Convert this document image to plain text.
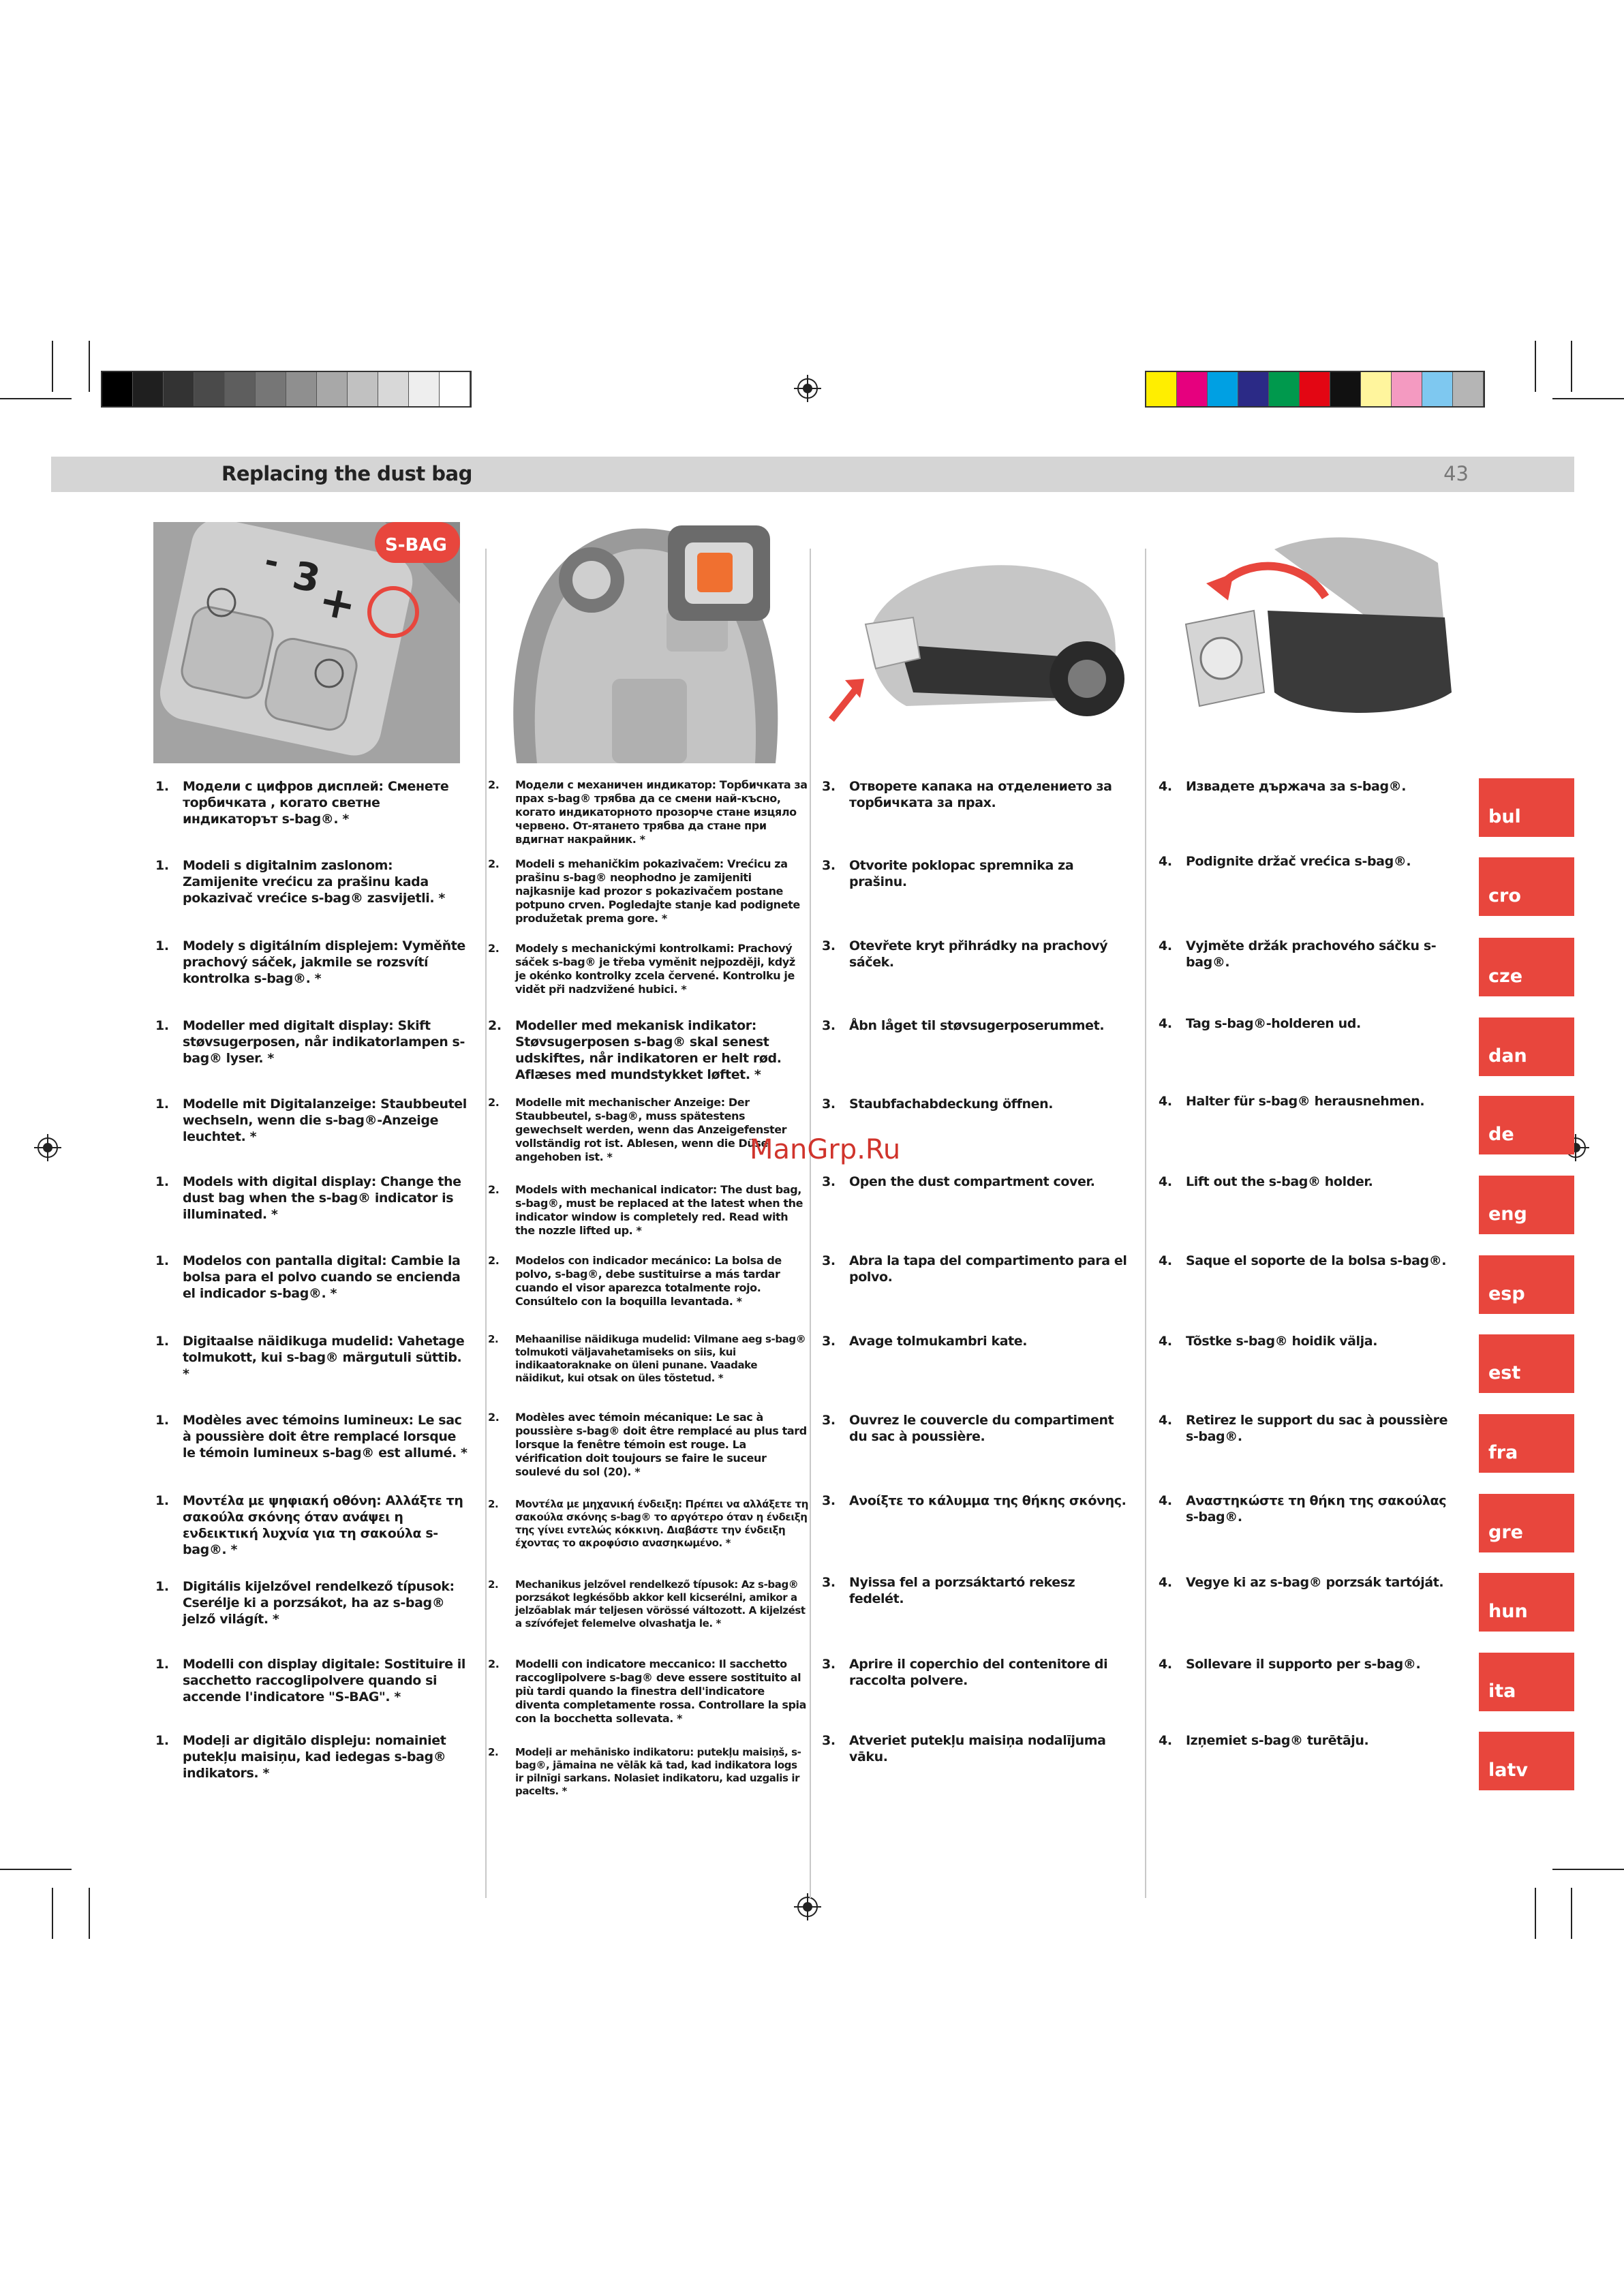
Replacing the dust bag	43
- 3
+
S-BAG
1.	Модели с цифров дисплей: Сменете торбичката , когато светне индикаторът s-bag®. *
1.	Modeli s digitalnim zaslonom: Zamijenite vrećicu za prašinu kada pokazivač vrećice s-bag® zasvijetli. *
1.	Modely s digitálním displejem: Vyměňte prachový sáček, jakmile se rozsvítí kontrolka s-bag®. *
1.	Modeller med digitalt display: Skift støvsugerposen, når indikatorlampen s-bag® lyser. *
1.	Modelle mit Digitalanzeige: Staubbeutel wechseln, wenn die s-bag®-Anzeige leuchtet. *
1.	Models with digital display: Change the dust bag when the s-bag® indicator is illuminated. *
1.	Modelos con pantalla digital: Cambie la bolsa para el polvo cuando se encienda el indicador s-bag®. *
1.	Digitaalse näidikuga mudelid: Vahetage tolmukott, kui s-bag® märgutuli süttib. *
1.	Modèles avec témoins lumineux: Le sac à poussière doit être remplacé lorsque le témoin lumineux s-bag® est allumé. *
1.	Μοντέλα με ψηφιακή οθόνη: Αλλάξτε τη σακούλα σκόνης όταν ανάψει η ενδεικτική λυχνία για τη σακούλα s-bag®. *
1.	Digitális kijelzővel rendelkező típusok: Cserélje ki a porzsákot, ha az s-bag® jelző világít. *
1.	Modelli con display digitale: Sostituire il sacchetto raccoglipolvere quando si accende l'indicatore "S-BAG". *
1.	Modeļi ar digitālo displeju: nomainiet putekļu maisiņu, kad iedegas s-bag® indikators. *
2.	Модели с механичен индикатор: Торбичката за прах s-bag® трябва да се смени най-късно, когато индикаторното прозорче стане изцяло червено. От-ятането трябва да стане при вдигнат накрайник. *
2.	Modeli s mehaničkim pokazivačem: Vrećicu za prašinu s-bag® neophodno je zamijeniti najkasnije kad prozor s pokazivačem postane potpuno crven. Pogledajte stanje kad podignete produžetak prema gore. *
2.	Modely s mechanickými kontrolkami: Prachový sáček s-bag® je třeba vyměnit nejpozději, když je okénko kontrolky zcela červené. Kontrolku je vidět při nadzvižené hubici. *
2.	Modeller med mekanisk indikator: Støvsugerposen s-bag® skal senest udskiftes, når indikatoren er helt rød. Aflæses med mundstykket løftet. *
2.	Modelle mit mechanischer Anzeige: Der Staubbeutel, s-bag®, muss spätestens gewechselt werden, wenn das Anzeigefenster vollständig rot ist. Ablesen, wenn die Düse angehoben ist. *
2.	Models with mechanical indicator: The dust bag, s-bag®, must be replaced at the latest when the indicator window is completely red. Read with the nozzle lifted up. *
2.	Modelos con indicador mecánico: La bolsa de polvo, s-bag®, debe sustituirse a más tardar cuando el visor aparezca totalmente rojo. Consúltelo con la boquilla levantada. *
2.	Mehaanilise näidikuga mudelid: Vilmane aeg s-bag® tolmukoti väljavahetamiseks on siis, kui indikaatoraknake on üleni punane. Vaadake näidikut, kui otsak on üles tõstetud. *
2.	Modèles avec témoin mécanique: Le sac à poussière s-bag® doit être remplacé au plus tard lorsque la fenêtre témoin est rouge. La vérification doit toujours se faire le suceur soulevé du sol (20). *
2.	Μοντέλα με μηχανική ένδειξη: Πρέπει να αλλάξετε τη σακούλα σκόνης s-bag® το αργότερο όταν η ένδειξη της γίνει εντελώς κόκκινη. Διαβάστε την ένδειξη έχοντας το ακροφύσιο ανασηκωμένο. *
2.	Mechanikus jelzővel rendelkező típusok: Az s-bag® porzsákot legkésőbb akkor kell kicserélni, amikor a jelzőablak már teljesen vörössé változott. A kijelzést a szívófejet felemelve olvashatja le. *
2.	Modelli con indicatore meccanico: Il sacchetto raccoglipolvere s-bag® deve essere sostituito al più tardi quando la finestra dell'indicatore diventa completamente rossa. Controllare la spia con la bocchetta sollevata. *
2.	Modeļi ar mehānisko indikatoru: putekļu maisiņš, s-bag®, jāmaina ne vēlāk kā tad, kad indikatora logs ir pilnīgi sarkans. Nolasiet indikatoru, kad uzgalis ir pacelts. *
3.	Отворете капака на отделението за торбичката за прах.
3.	Otvorite poklopac spremnika za prašinu.
3.	Otevřete kryt přihrádky na prachový sáček.
3.	Åbn låget til støvsugerposerummet.
3.	Staubfachabdeckung öffnen.
3.	Open the dust compartment cover.
3.	Abra la tapa del compartimento para el polvo.
3.	Avage tolmukambri kate.
3.	Ouvrez le couvercle du compartiment du sac à poussière.
3.	Ανοίξτε το κάλυμμα της θήκης σκόνης.
3.	Nyissa fel a porzsáktartó rekesz fedelét.
3.	Aprire il coperchio del contenitore di raccolta polvere.
3.	Atveriet putekļu maisiņa nodalījuma vāku.
4.	Извадете държача за s-bag®.
4.	Podignite držač vrećica s-bag®.
4.	Vyjměte držák prachového sáčku s-bag®.
4.	Tag s-bag®-holderen ud.
4.	Halter für s-bag® herausnehmen.
4.	Lift out the s-bag® holder.
4.	Saque el soporte de la bolsa s-bag®.
4.	Tõstke s-bag® hoidik välja.
4.	Retirez le support du sac à poussière s-bag®.
4.	Αναστηκώστε τη θήκη της σακούλας s-bag®.
4.	Vegye ki az s-bag® porzsák tartóját.
4.	Sollevare il supporto per s-bag®.
4.	Izņemiet s-bag® turētāju.
bul
cro
cze
dan
de
eng
esp
est
fra
gre
hun
ita
latv
ManGrp.Ru
